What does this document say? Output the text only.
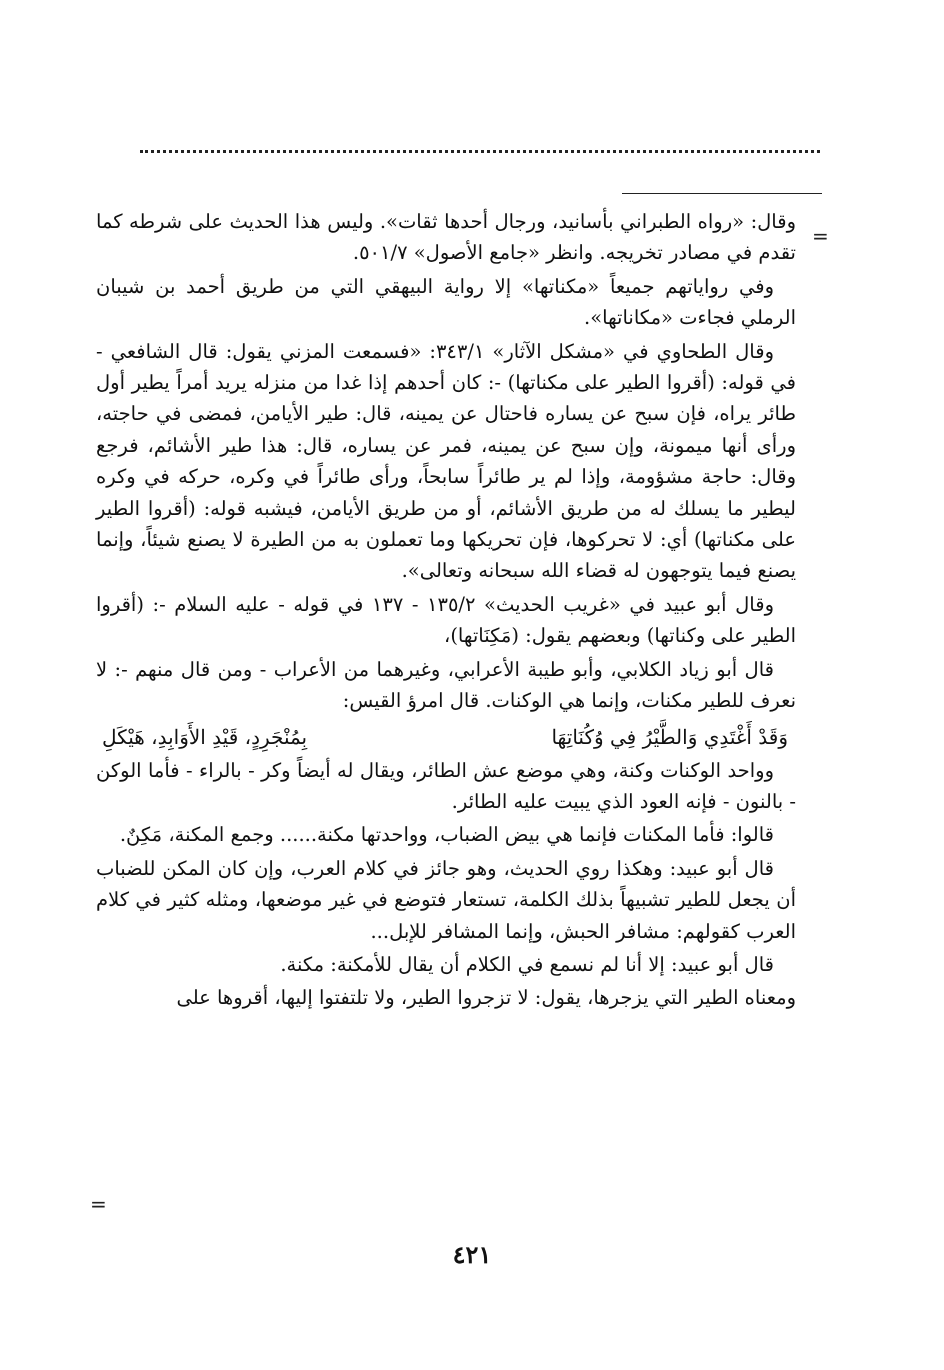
=

وقال: «رواه الطبراني بأسانيد، ورجال أحدها ثقات». وليس هذا الحديث على شرطه كما تقدم في مصادر تخريجه. وانظر «جامع الأصول» ٥٠١/٧.

وفي رواياتهم جميعاً «مكناتها» إلا رواية البيهقي التي من طريق أحمد بن شيبان الرملي فجاءت «مكاناتها».

وقال الطحاوي في «مشكل الآثار» ٣٤٣/١: «فسمعت المزني يقول: قال الشافعي - في قوله: (أقروا الطير على مكناتها) -: كان أحدهم إذا غدا من منزله يريد أمراً يطير أول طائر يراه، فإن سبح عن يساره فاحتال عن يمينه، قال: طير الأيامن، فمضى في حاجته، ورأى أنها ميمونة، وإن سبح عن يمينه، فمر عن يساره، قال: هذا طير الأشائم، فرجع وقال: حاجة مشؤومة، وإذا لم ير طائراً سابحاً، ورأى طائراً في وكره، حركه في وكره ليطير ما يسلك له من طريق الأشائم، أو من طريق الأيامن، فيشبه قوله: (أقروا الطير على مكناتها) أي: لا تحركوها، فإن تحريكها وما تعملون به من الطيرة لا يصنع شيئاً، وإنما يصنع فيما يتوجهون له قضاء الله سبحانه وتعالى».

وقال أبو عبيد في «غريب الحديث» ١٣٥/٢ - ١٣٧ في قوله - عليه السلام -: (أقروا الطير على وكناتها) وبعضهم يقول: (مَكِنَاتها)،

قال أبو زياد الكلابي، وأبو طيبة الأعرابي، وغيرهما من الأعراب - ومن قال منهم -: لا نعرف للطير مكنات، وإنما هي الوكنات. قال امرؤ القيس:

وَقَدْ أَغْتَدِي وَالطَّيْرُ فِي وُكُنَاتِهَا
بِمُنْجَرِدٍ، قَيْدِ الأَوَابِدِ، هَيْكَلِ

وواحد الوكنات وكنة، وهي موضع عش الطائر، ويقال له أيضاً وكر - بالراء - فأما الوكن - بالنون - فإنه العود الذي يبيت عليه الطائر.

قالوا: فأما المكنات فإنما هي بيض الضباب، وواحدتها مكنة...... وجمع المكنة، مَكِنٌ.

قال أبو عبيد: وهكذا روي الحديث، وهو جائز في كلام العرب، وإن كان المكن للضباب أن يجعل للطير تشبيهاً بذلك الكلمة، تستعار فتوضع في غير موضعها، ومثله كثير في كلام العرب كقولهم: مشافر الحبش، وإنما المشافر للإبل...

قال أبو عبيد: إلا أنا لم نسمع في الكلام أن يقال للأمكنة: مكنة.

ومعناه الطير التي يزجرها، يقول: لا تزجروا الطير، ولا تلتفتوا إليها، أقروها على

=
٤٢١
